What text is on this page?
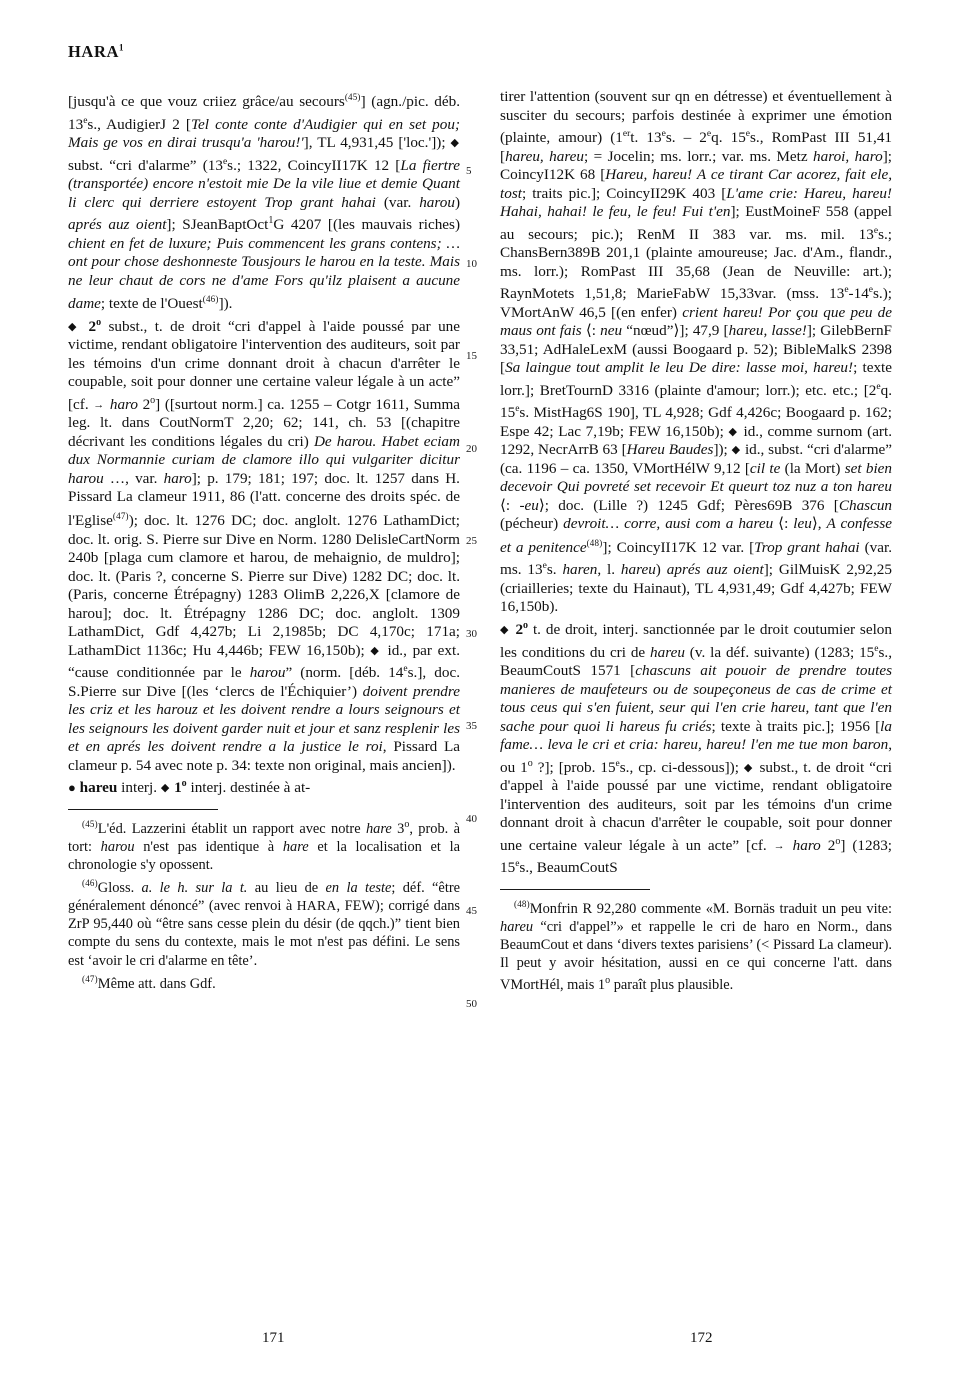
HARA$^1$

[jusqu'à ce que vouz criiez grâce/au secours$^{(45)}$] (agn./pic. déb. 13es., AudigierJ 2 [Tel conte conte d'Audigier qui en set pou; Mais ge vos en dirai trusqu'a 'harou!'], TL 4,931,45 ['loc.']); ◆ subst. “cri d'alarme” (13es.; 1322, CoincyII17K 12 [La fiertre (transportée) encore n'estoit mie De la vile liue et demie Quant li clerc qui derriere estoyent Trop grant hahai (var. harou) aprés auz oient]; SJeanBaptOct$^1$G 4207 [(les mauvais riches) chient en fet de luxure; Puis commencent les grans contens; … ont pour chose deshonneste Tousjours le harou en la teste. Mais ne leur chaut de cors ne d'ame Fors qu'ilz plaisent a aucune dame; texte de l'Ouest$^{(46)}$]).

◆ 2$^o$ subst., t. de droit “cri d'appel à l'aide poussé par une victime, rendant obligatoire l'intervention des auditeurs, soit par les témoins d'un crime donnant droit à chacun d'arrêter le coupable, soit pour donner une certaine valeur légale à un acte” [cf. → haro 2$^o$] ([surtout norm.] ca. 1255 – Cotgr 1611, Summa leg. lt. dans CoutNormT 2,20; 62; 141, ch. 53 [(chapitre décrivant les conditions légales du cri) De harou. Habet eciam dux Normannie curiam de clamore illo qui vulgariter dicitur harou …, var. haro]; p. 179; 181; 197; doc. lt. 1257 dans H. Pissard La clameur 1911, 86 (l'att. concerne des droits spéc. de l'Eglise$^{(47)}$); doc. lt. 1276 DC; doc. anglolt. 1276 LathamDict; doc. lt. orig. S. Pierre sur Dive en Norm. 1280 DelisleCartNorm 240b [plaga cum clamore et harou, de mehaignio, de muldro]; doc. lt. (Paris ?, concerne S. Pierre sur Dive) 1282 DC; doc. lt. (Paris, concerne Étrépagny) 1283 OlimB 2,226,X [clamore de harou]; doc. lt. Étrépagny 1286 DC; doc. anglolt. 1309 LathamDict, Gdf 4,427b; Li 2,1985b; DC 4,170c; 171a; LathamDict 1136c; Hu 4,446b; FEW 16,150b); ◆ id., par ext. “cause conditionnée par le harou” (norm. [déb. 14es.], doc. S.Pierre sur Dive [(les ‘clercs de l'Échiquier’) doivent prendre les criz et les harouz et les doivent rendre a lours seignours et les seignours les doivent garder nuit et jour et sanz resplenir les et en aprés les doivent rendre a la justice le roi, Pissard La clameur p. 54 avec note p. 34: texte non original, mais ancien]).

● hareu interj. ◆ 1$^o$ interj. destinée à at-

$^{(45)}$L'éd. Lazzerini établit un rapport avec notre hare 3$^o$, prob. à tort: harou n'est pas identique à hare et la localisation et la chronologie s'y opossent.

$^{(46)}$Gloss. a. le h. sur la t. au lieu de en la teste; déf. “être généralement dénoncé” (avec renvoi à HARA, FEW); corrigé dans ZrP 95,440 où “être sans cesse plein du désir (de qqch.)” tient bien compte du sens du contexte, mais le mot n'est pas défini. Le sens est ‘avoir le cri d'alarme en tête’.

$^{(47)}$Même att. dans Gdf.

5
10
15
20
25
30
35
40
45
50

tirer l'attention (souvent sur qn en détresse) et éventuellement à susciter du secours; parfois destinée à exprimer une émotion (plainte, amour) (1ert. 13es. – 2eq. 15es., RomPast III 51,41 [hareu, hareu; = Jocelin; ms. lorr.; var. ms. Metz haroi, haro]; CoincyI12K 68 [Hareu, hareu! A ce tirant Car acorez, fait ele, tost; traits pic.]; CoincyII29K 403 [L'ame crie: Hareu, hareu! Hahai, hahai! le feu, le feu! Fui t'en]; EustMoineF 558 (appel au secours; pic.); RenM II 383 var. ms. mil. 13es.; ChansBern389B 201,1 (plainte amoureuse; Jac. d'Am., flandr., ms. lorr.); RomPast III 35,68 (Jean de Neuville: art.); RaynMotets 1,51,8; MarieFabW 15,33var. (mss. 13e-14es.); VMortAnW 46,5 [(en enfer) crient hareu! Por çou que peu de maus ont fais ⟨: neu “nœud”⟩]; 47,9 [hareu, lasse!]; GilebBernF 33,51; AdHaleLexM (aussi Boogaard p. 52); BibleMalkS 2398 [Sa laingue tout amplit le leu De dire: lasse moi, hareu!; texte lorr.]; BretTournD 3316 (plainte d'amour; lorr.); etc. etc.; [2eq. 15es. MistHag6S 190], TL 4,928; Gdf 4,426c; Boogaard p. 162; Espe 42; Lac 7,19b; FEW 16,150b); ◆ id., comme surnom (art. 1292, NecrArrB 63 [Hareu Baudes]); ◆ id., subst. “cri d'alarme” (ca. 1196 – ca. 1350, VMortHélW 9,12 [cil te (la Mort) set bien decevoir Qui povreté set recevoir Et queurt toz nuz a ton hareu ⟨: -eu⟩; doc. (Lille ?) 1245 Gdf; Pères69B 376 [Chascun (pécheur) devroit… corre, ausi com a hareu ⟨: leu⟩, A confesse et a penitence$^{(48)}$]; CoincyII17K 12 var. [Trop grant hahai (var. ms. 13es. haren, l. hareu) aprés auz oient]; GilMuisK 2,92,25 (criailleries; texte du Hainaut), TL 4,931,49; Gdf 4,427b; FEW 16,150b).

◆ 2$^o$ t. de droit, interj. sanctionnée par le droit coutumier selon les conditions du cri de hareu (v. la déf. suivante) (1283; 15es., BeaumCoutS 1571 [chascuns ait pouoir de prendre toutes manieres de maufeteurs ou de soupeçoneus de cas de crime et tous ceus qui s'en fuient, seur qui l'en crie hareu, tant que l'en sache pour quoi li hareus fu criés; texte à traits pic.]; 1956 [la fame… leva le cri et cria: hareu, hareu! l'en me tue mon baron, ou 1$^o$ ?]; [prob. 15es., cp. ci-dessous]); ◆ subst., t. de droit “cri d'appel à l'aide poussé par une victime, rendant obligatoire l'intervention des auditeurs, soit par les témoins d'un crime donnant droit à chacun d'arrêter le coupable, soit pour donner une certaine valeur légale à un acte” [cf. → haro 2$^o$] (1283; 15es., BeaumCoutS

$^{(48)}$Monfrin R 92,280 commente «M. Bornäs traduit un peu vite: hareu “cri d'appel”» et rappelle le cri de haro en Norm., dans BeaumCout et dans ‘divers textes parisiens’ (< Pissard La clameur). Il peut y avoir hésitation, aussi en ce qui concerne l'att. dans VMortHél, mais 1$^o$ paraît plus plausible.

171	172
